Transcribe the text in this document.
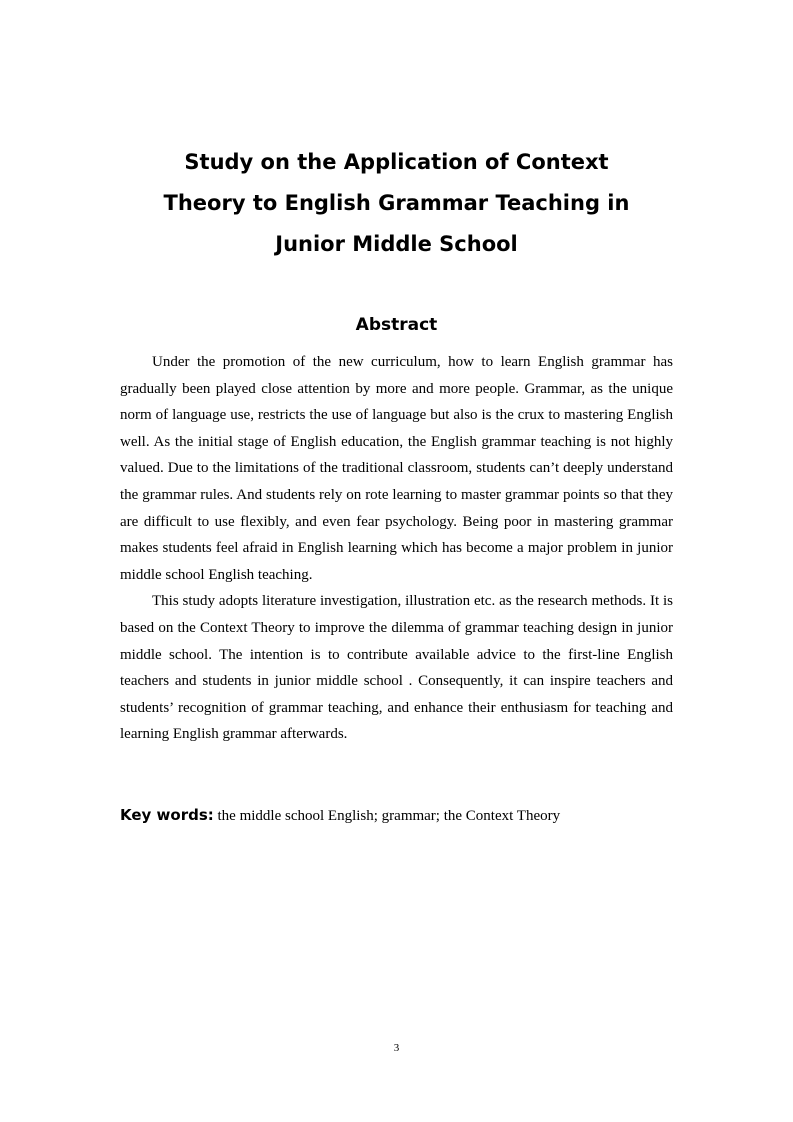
Study on the Application of Context
Theory to English Grammar Teaching in
Junior Middle School
Abstract

Under the promotion of the new curriculum, how to learn English grammar has gradually been played close attention by more and more people. Grammar, as the unique norm of language use, restricts the use of language but also is the crux to mastering English well. As the initial stage of English education, the English grammar teaching is not highly valued. Due to the limitations of the traditional classroom, students can’t deeply understand the grammar rules. And students rely on rote learning to master grammar points so that they are difficult to use flexibly, and even fear psychology. Being poor in mastering grammar makes students feel afraid in English learning which has become a major problem in junior middle school English teaching.

This study adopts literature investigation, illustration etc. as the research methods. It is based on the Context Theory to improve the dilemma of grammar teaching design in junior middle school. The intention is to contribute available advice to the first-line English teachers and students in junior middle school . Consequently, it can inspire teachers and students’ recognition of grammar teaching, and enhance their enthusiasm for teaching and learning English grammar afterwards.

Key words: the middle school English; grammar; the Context Theory

3
